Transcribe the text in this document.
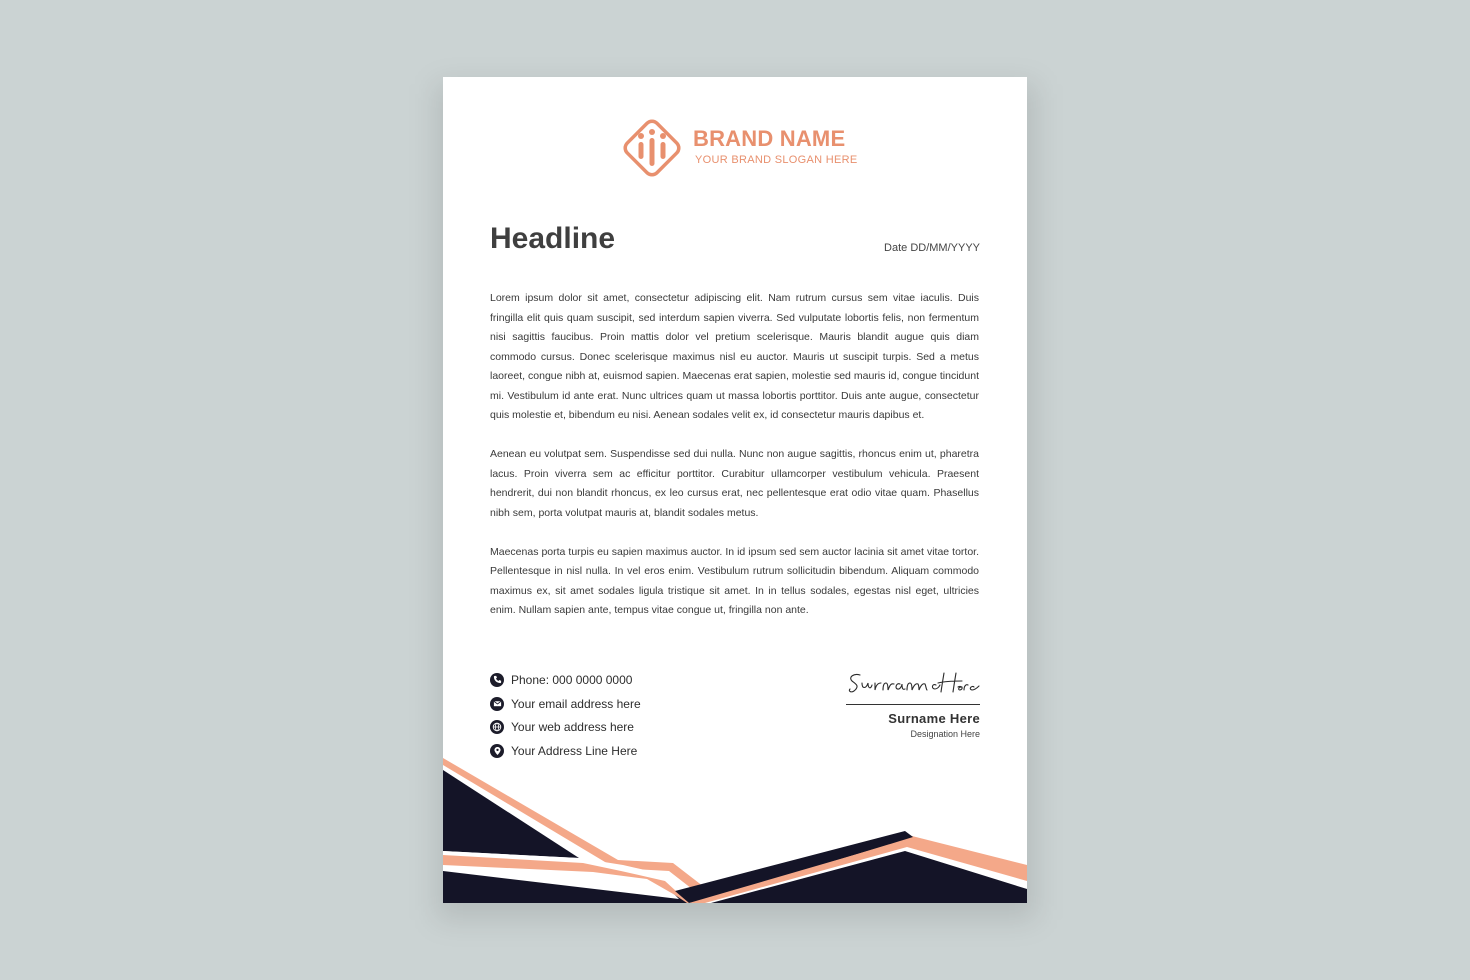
BRAND NAME
YOUR BRAND SLOGAN HERE
Headline	Date DD/MM/YYYY

Lorem ipsum dolor sit amet, consectetur adipiscing elit. Nam rutrum cursus sem vitae iaculis. Duis fringilla elit quis quam suscipit, sed interdum sapien viverra. Sed vulputate lobortis felis, non fermentum nisi sagittis faucibus. Proin mattis dolor vel pretium scelerisque. Mauris blandit augue quis diam commodo cursus. Donec scelerisque maximus nisl eu auctor. Mauris ut suscipit turpis. Sed a metus laoreet, congue nibh at, euismod sapien. Maecenas erat sapien, molestie sed mauris id, congue tincidunt mi. Vestibulum id ante erat. Nunc ultrices quam ut massa lobortis porttitor. Duis ante augue, consectetur quis molestie et, bibendum eu nisi. Aenean sodales velit ex, id consectetur mauris dapibus et.

Aenean eu volutpat sem. Suspendisse sed dui nulla. Nunc non augue sagittis, rhoncus enim ut, pharetra lacus. Proin viverra sem ac efficitur porttitor. Curabitur ullamcorper vestibulum vehicula. Praesent hendrerit, dui non blandit rhoncus, ex leo cursus erat, nec pellentesque erat odio vitae quam. Phasellus nibh sem, porta volutpat mauris at, blandit sodales metus.

Maecenas porta turpis eu sapien maximus auctor. In id ipsum sed sem auctor lacinia sit amet vitae tortor. Pellentesque in nisl nulla. In vel eros enim. Vestibulum rutrum sollicitudin bibendum. Aliquam commodo maximus ex, sit amet sodales ligula tristique sit amet. In in tellus sodales, egestas nisl eget, ultricies enim. Nullam sapien ante, tempus vitae congue ut, fringilla non ante.

Phone: 000 0000 0000
Your email address here
Your web address here
Your Address Line Here
Surname Here
Designation Here
